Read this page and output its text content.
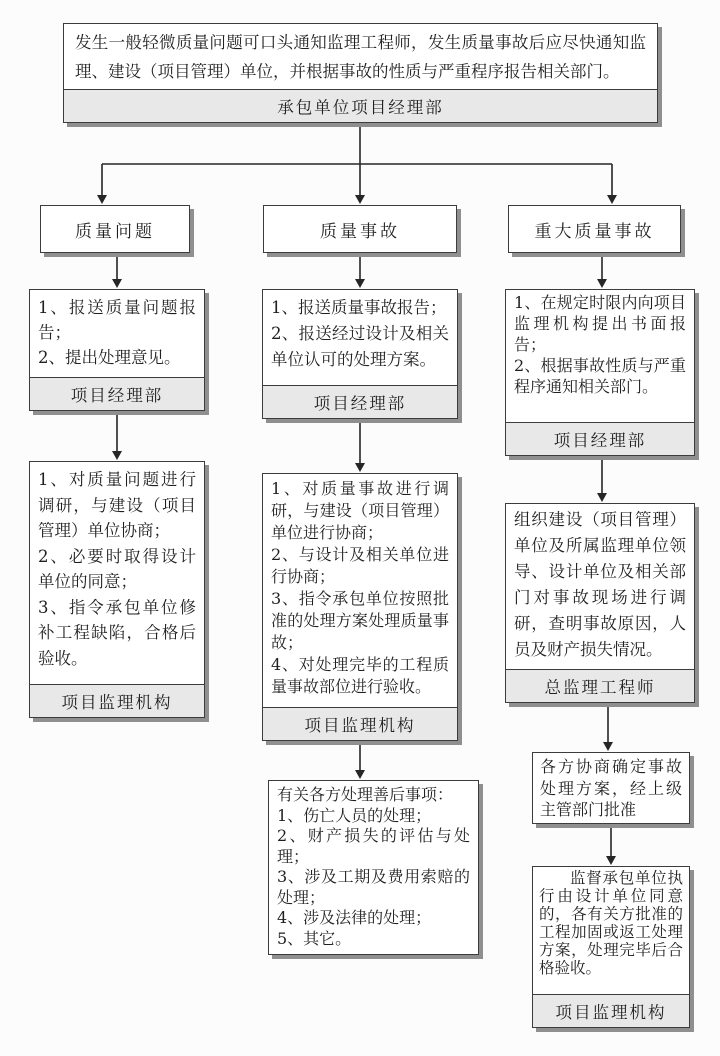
发生一般轻微质量问题可口头通知监理工程师，发生质量事故后应尽快通知监理、建设（项目管理）单位，并根据事故的性质与严重程序报告相关部门。
承包单位项目经理部
质量问题	质量事故	重大质量事故
1、报送质量问题报告；
2、提出处理意见。
项目经理部
1、对质量问题进行调研，与建设（项目管理）单位协商；
2、必要时取得设计单位的同意；
3、指令承包单位修补工程缺陷，合格后验收。
项目监理机构
1、报送质量事故报告；
2、报送经过设计及相关单位认可的处理方案。
项目经理部
1、对质量事故进行调研，与建设（项目管理）单位进行协商；
2、与设计及相关单位进行协商；
3、指令承包单位按照批准的处理方案处理质量事故；
4、对处理完毕的工程质量事故部位进行验收。
项目监理机构
有关各方处理善后事项：
1、伤亡人员的处理；
2、财产损失的评估与处理；
3、涉及工期及费用索赔的处理；
4、涉及法律的处理；
5、其它。
1、在规定时限内向项目监理机构提出书面报告；
2、根据事故性质与严重程序通知相关部门。
项目经理部
组织建设（项目管理）单位及所属监理单位领导、设计单位及相关部门对事故现场进行调研，查明事故原因，人员及财产损失情况。
总监理工程师
各方协商确定事故处理方案，经上级主管部门批准
监督承包单位执行由设计单位同意的，各有关方批准的工程加固或返工处理方案，处理完毕后合格验收。
项目监理机构
